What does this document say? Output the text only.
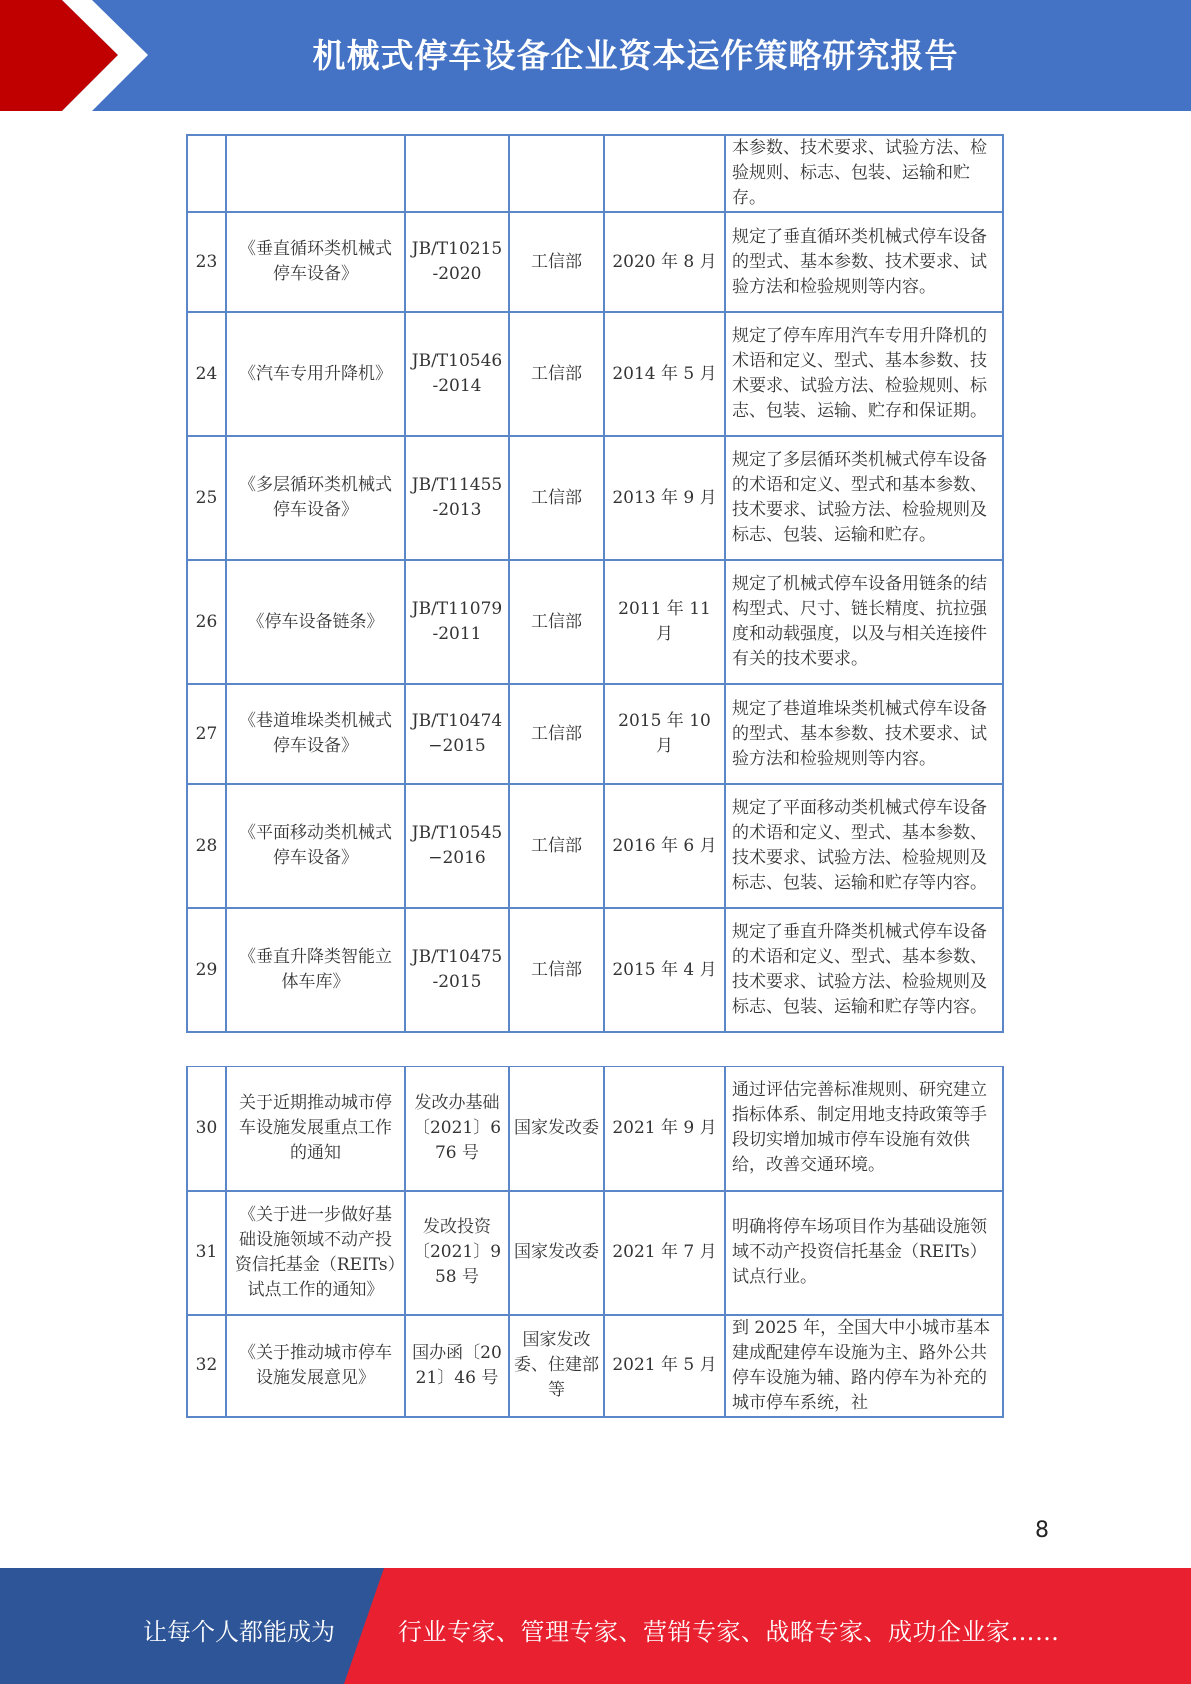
机械式停车设备企业资本运作策略研究报告
					本参数、技术要求、试验方法、检验规则、标志、包装、运输和贮存。
23	《垂直循环类机械式停车设备》	JB/T10215-2020	工信部	2020 年 8 月	规定了垂直循环类机械式停车设备的型式、基本参数、技术要求、试验方法和检验规则等内容。
24	《汽车专用升降机》	JB/T10546-2014	工信部	2014 年 5 月	规定了停车库用汽车专用升降机的术语和定义、型式、基本参数、技术要求、试验方法、检验规则、标志、包装、运输、贮存和保证期。
25	《多层循环类机械式停车设备》	JB/T11455-2013	工信部	2013 年 9 月	规定了多层循环类机械式停车设备的术语和定义、型式和基本参数、技术要求、试验方法、检验规则及标志、包装、运输和贮存。
26	《停车设备链条》	JB/T11079-2011	工信部	2011 年 11 月	规定了机械式停车设备用链条的结构型式、尺寸、链长精度、抗拉强度和动载强度，以及与相关连接件有关的技术要求。
27	《巷道堆垛类机械式停车设备》	JB/T10474−2015	工信部	2015 年 10 月	规定了巷道堆垛类机械式停车设备的型式、基本参数、技术要求、试验方法和检验规则等内容。
28	《平面移动类机械式停车设备》	JB/T10545−2016	工信部	2016 年 6 月	规定了平面移动类机械式停车设备的术语和定义、型式、基本参数、技术要求、试验方法、检验规则及标志、包装、运输和贮存等内容。
29	《垂直升降类智能立体车库》	JB/T10475-2015	工信部	2015 年 4 月	规定了垂直升降类机械式停车设备的术语和定义、型式、基本参数、技术要求、试验方法、检验规则及标志、包装、运输和贮存等内容。
30	关于近期推动城市停车设施发展重点工作的通知	发改办基础〔2021〕676 号	国家发改委	2021 年 9 月	通过评估完善标准规则、研究建立指标体系、制定用地支持政策等手段切实增加城市停车设施有效供给，改善交通环境。
31	《关于进一步做好基础设施领域不动产投资信托基金（REITs）试点工作的通知》	发改投资〔2021〕958 号	国家发改委	2021 年 7 月	明确将停车场项目作为基础设施领域不动产投资信托基金（REITs）试点行业。
32	《关于推动城市停车设施发展意见》	国办函〔2021〕46 号	国家发改委、住建部等	2021 年 5 月	到 2025 年，全国大中小城市基本建成配建停车设施为主、路外公共停车设施为辅、路内停车为补充的城市停车系统，社
8
让每个人都能成为	行业专家、管理专家、营销专家、战略专家、成功企业家……
